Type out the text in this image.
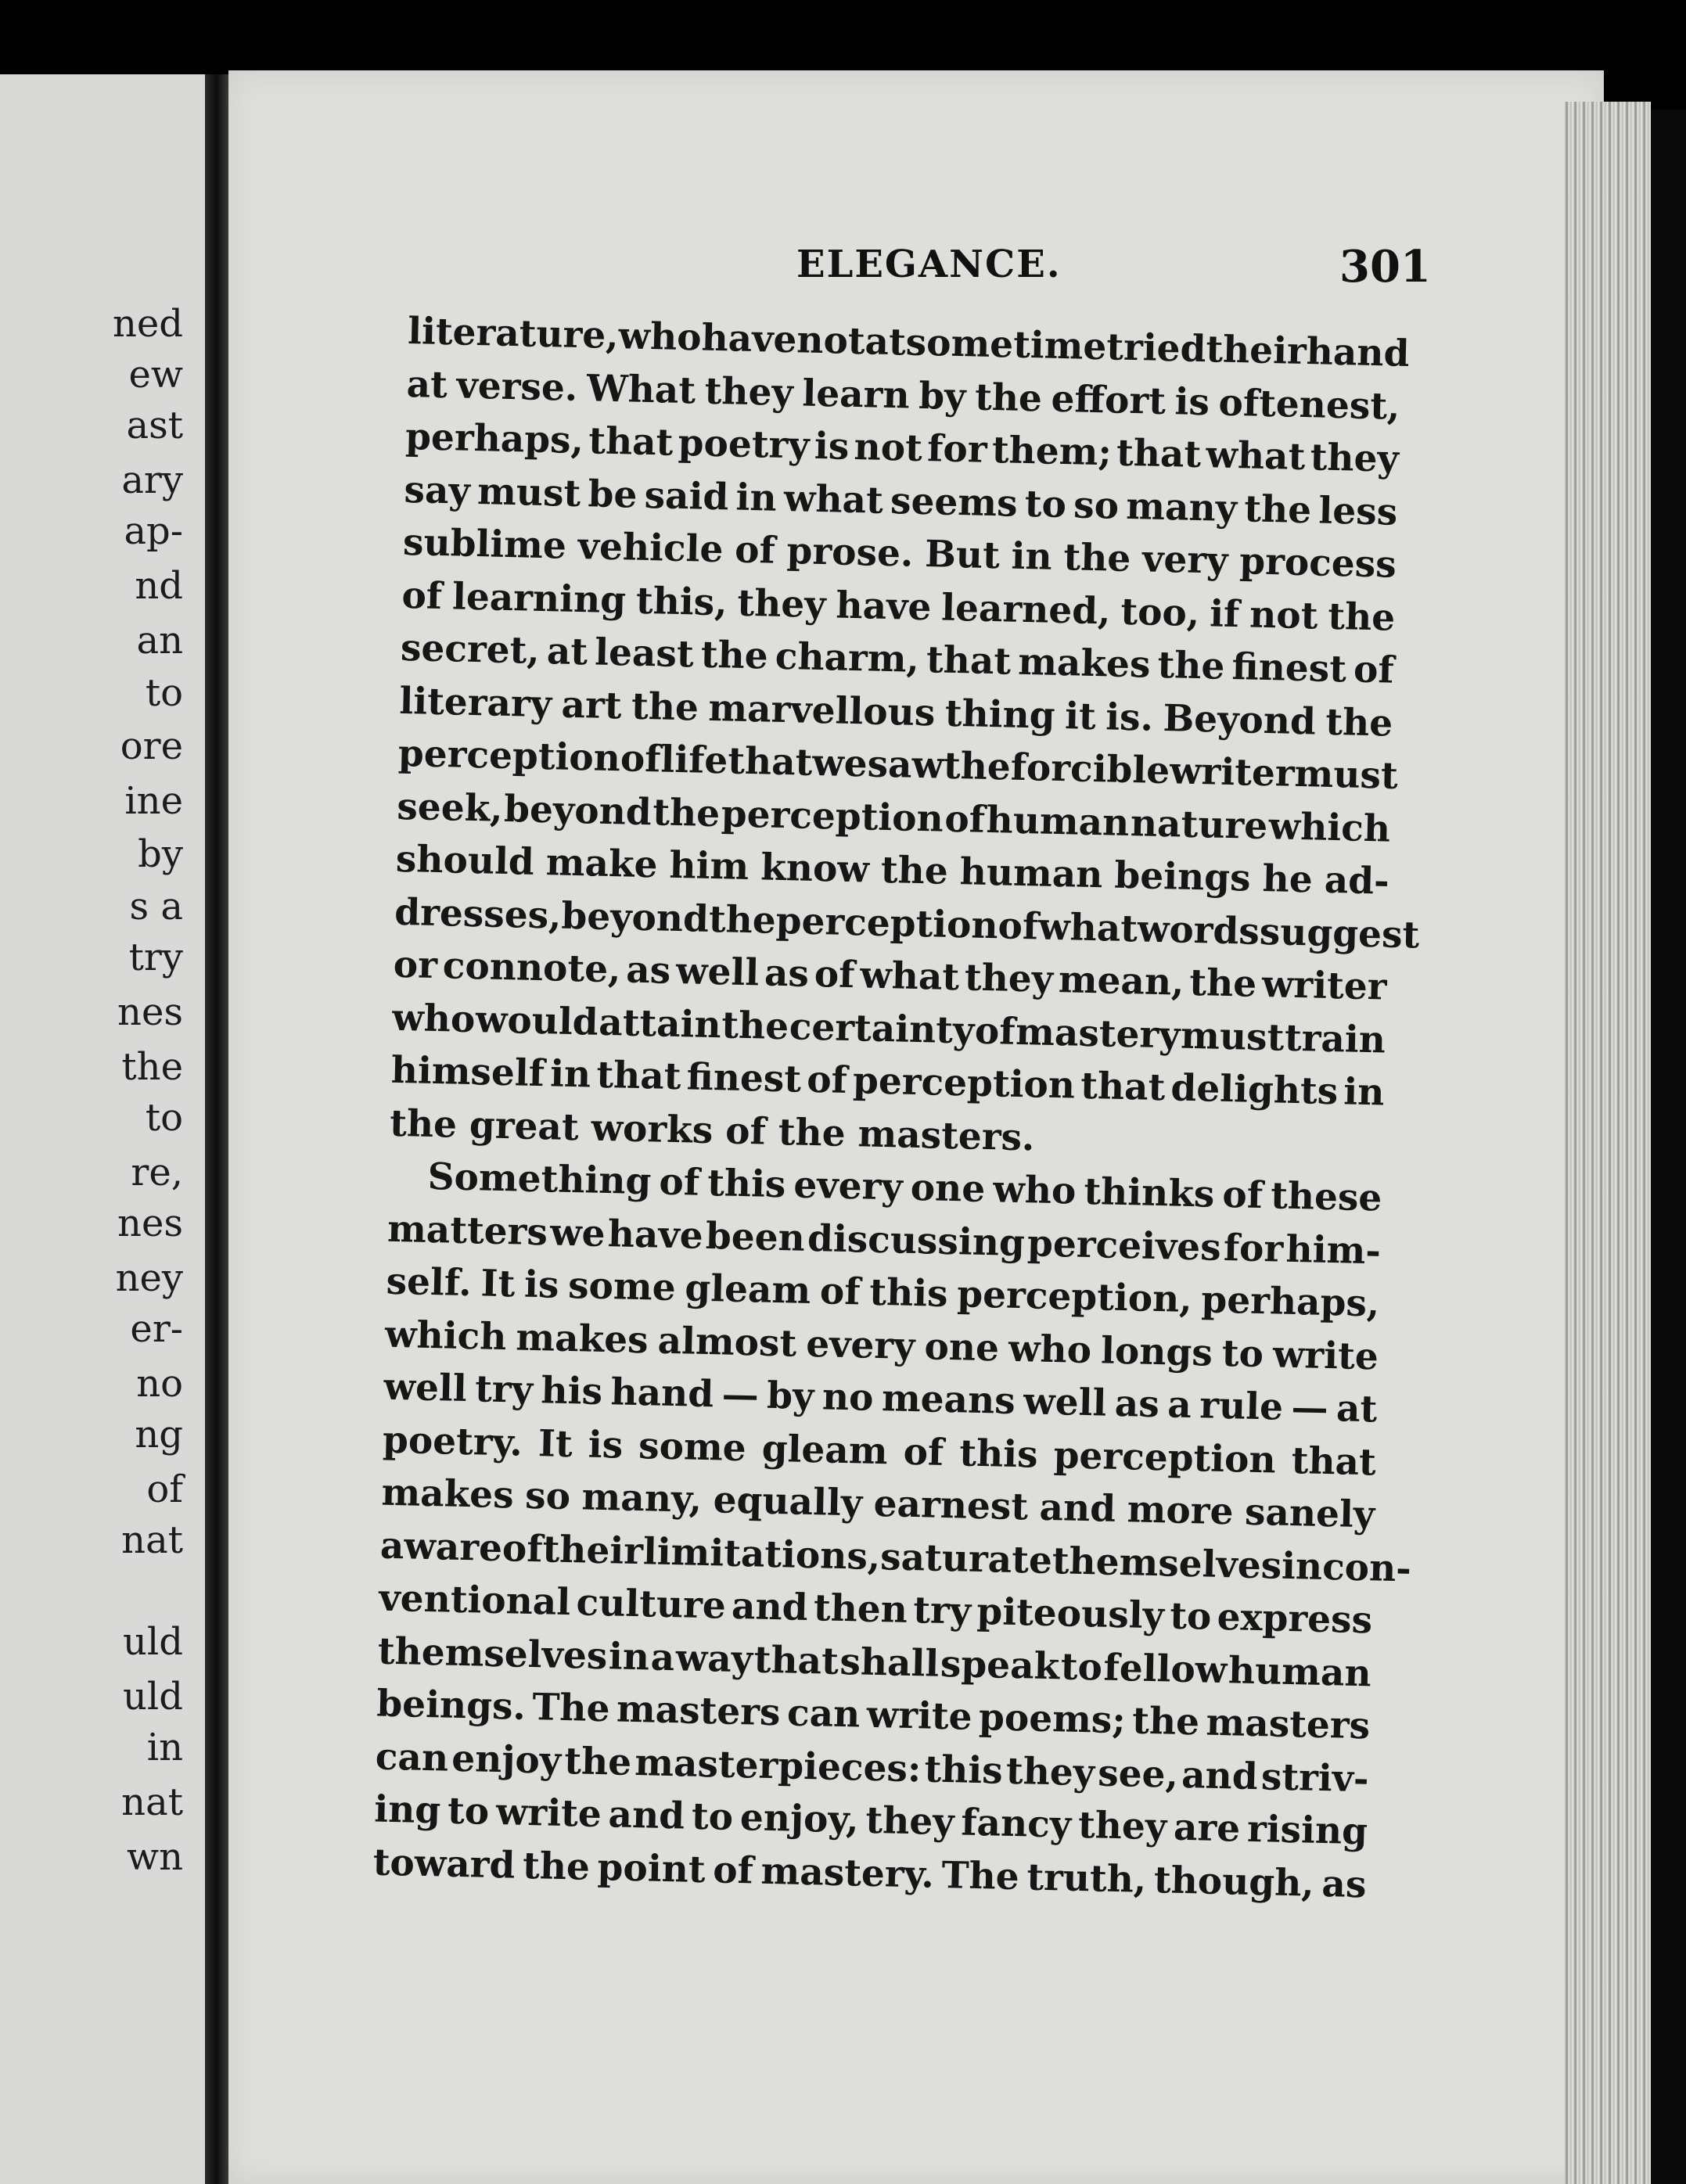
ned
ew
ast
ary
ap-
nd
an
to
ore
ine
by
s a
try
nes
the
to
re,
nes
ney
er-
no
ng
of
nat
uld
uld
in
nat
wn
ELEGANCE.	301
literature,
who
have
not
at
some
time
tried
their
hand
at verse. What they learn by the effort is oftenest,
perhaps, that poetry is not for them; that what they
say must be said in what seems to so many the less
sublime vehicle of prose. But in the very process
of learning this, they have learned, too, if not the
secret, at least the charm, that makes the finest of
literary art the marvellous thing it is. Beyond the
perception
of
life
that
we
saw
the
forcible
writer
must
seek, beyond the perception of human nature which
should make him know the human beings he ad-
dresses,
beyond
the
perception
of
what
words
suggest
or connote, as well as of what they mean, the writer
who would attain the certainty of mastery must train
himself in that finest of perception that delights in
the great works of the masters.
Something of this every one who thinks of these
matters we have been discussing perceives for him-
self. It is some gleam of this perception, perhaps,
which makes almost every one who longs to write
well try his hand — by no means well as a rule — at
poetry. It is some gleam of this perception that
makes so many, equally earnest and more sanely
aware
of
their
limitations,
saturate
themselves
in
con-
ventional culture and then try piteously to express
themselves in a way that shall speak to fellow human
beings. The masters can write poems; the masters
can enjoy the masterpieces: this they see, and striv-
ing to write and to enjoy, they fancy they are rising
toward the point of mastery. The truth, though, as
